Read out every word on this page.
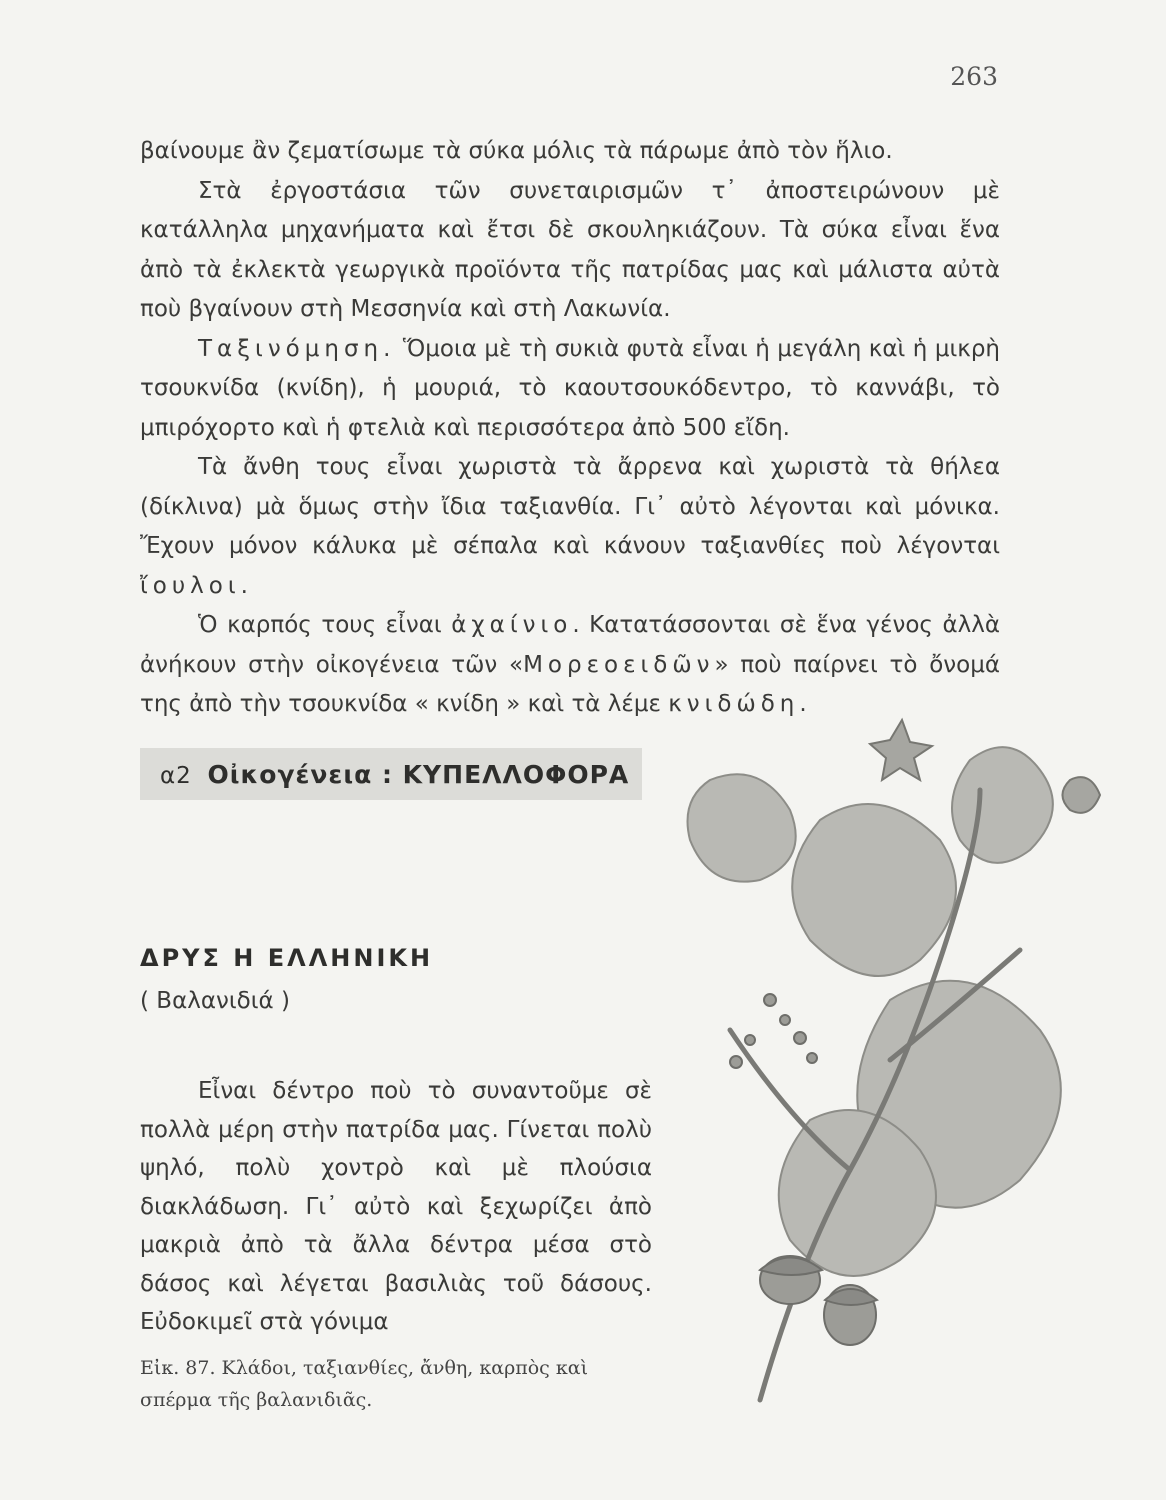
263

βαίνουμε ἂν ζεματίσωμε τὰ σύκα μόλις τὰ πάρωμε ἀπὸ τὸν ἥλιο.

Στὰ ἐργοστάσια τῶν συνεταιρισμῶν τ᾿ ἀποστειρώνουν μὲ κατάλληλα μηχανήματα καὶ ἔτσι δὲ σκουληκιάζουν. Τὰ σύκα εἶναι ἕνα ἀπὸ τὰ ἐκλεκτὰ γεωργικὰ προϊόντα τῆς πατρίδας μας καὶ μάλιστα αὐτὰ ποὺ βγαίνουν στὴ Μεσσηνία καὶ στὴ Λακωνία.

Ταξινόμηση. Ὅμοια μὲ τὴ συκιὰ φυτὰ εἶναι ἡ μεγάλη καὶ ἡ μικρὴ τσουκνίδα (κνίδη), ἡ μουριά, τὸ καουτσουκόδεντρο, τὸ καννάβι, τὸ μπιρόχορτο καὶ ἡ φτελιὰ καὶ περισσότερα ἀπὸ 500 εἴδη.

Τὰ ἄνθη τους εἶναι χωριστὰ τὰ ἄρρενα καὶ χωριστὰ τὰ θήλεα (δίκλινα) μὰ ὅμως στὴν ἴδια ταξιανθία. Γι᾿ αὐτὸ λέγονται καὶ μόνικα. Ἔχουν μόνον κάλυκα μὲ σέπαλα καὶ κάνουν ταξιανθίες ποὺ λέγονται ἴουλοι.

Ὁ καρπός τους εἶναι ἀχαίνιο. Κατατάσσονται σὲ ἕνα γένος ἀλλὰ ἀνήκουν στὴν οἰκογένεια τῶν «Μορεοειδῶν» ποὺ παίρνει τὸ ὄνομά της ἀπὸ τὴν τσουκνίδα « κνίδη » καὶ τὰ λέμε κνιδώδη.

α2 Οἰκογένεια : ΚΥΠΕΛΛΟΦΟΡΑ
ΔΡΥΣ Η ΕΛΛΗΝΙΚΗ
( Βαλανιδιά )

Εἶναι δέντρο ποὺ τὸ συναντοῦμε σὲ πολλὰ μέρη στὴν πατρίδα μας. Γίνεται πολὺ ψηλό, πολὺ χοντρὸ καὶ μὲ πλούσια διακλάδωση. Γι᾿ αὐτὸ καὶ ξεχωρίζει ἀπὸ μακριὰ ἀπὸ τὰ ἄλλα δέντρα μέσα στὸ δάσος καὶ λέγεται βασιλιὰς τοῦ δάσους. Εὐδοκιμεῖ στὰ γόνιμα

Εἰκ. 87. Κλάδοι, ταξιανθίες, ἄνθη, καρπὸς καὶ σπέρμα τῆς βαλανιδιᾶς.
